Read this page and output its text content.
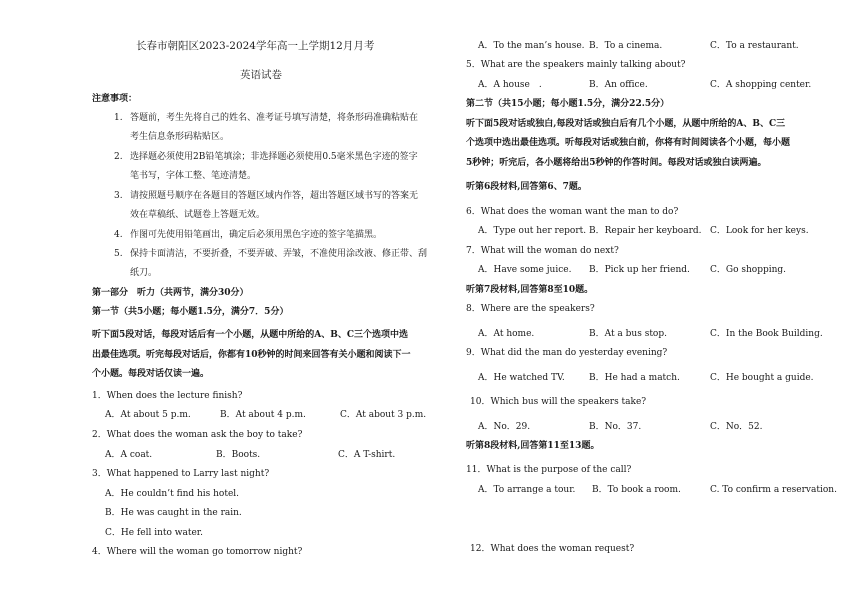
长春市朝阳区2023-2024学年高一上学期12月月考
英语试卷
注意事项：
1. 答题前，考生先将自己的姓名、准考证号填写清楚，将条形码准确粘贴在
考生信息条形码粘贴区。
2. 选择题必须使用2B铅笔填涂；非选择题必须使用0.5毫米黑色字迹的签字
笔书写，字体工整、笔迹清楚。
3. 请按照题号顺序在各题目的答题区域内作答，超出答题区域书写的答案无
效在草稿纸、试题卷上答题无效。
4. 作图可先使用铅笔画出，确定后必须用黑色字迹的签字笔描黑。
5. 保持卡面清洁，不要折叠，不要弄破、弄皱，不准使用涂改液、修正带、刮
纸刀。
第一部分　听力（共两节，满分30分）
第一节（共5小题；每小题1.5分，满分7．5分）
听下面5段对话，每段对话后有一个小题，从题中所给的A、B、C三个选项中选
出最佳选项。听完每段对话后，你都有10秒钟的时间来回答有关小题和阅读下一
个小题。每段对话仅读一遍。
1．When does the lecture finish?
A．At about 5 p.m.	B．At about 4 p.m.	C．At about 3 p.m.
2．What does the woman ask the boy to take?
A．A coat.	B．Boots.	C．A T-shirt.
3．What happened to Larry last night?
A．He couldn’t find his hotel.
B．He was caught in the rain.
C．He fell into water.
4．Where will the woman go tomorrow night?
A．To the man’s house. B．To a cinema.	C．To a restaurant.
5．What are the speakers mainly talking about?
A．A house　.	B．An office.	C．A shopping center.
第二节（共15小题；每小题1.5分，满分22.5分）
听下面5段对话或独白,每段对话或独白后有几个小题，从题中所给的A、B、C三
个选项中选出最佳选项。听每段对话或独白前，你将有时间阅读各个小题，每小题
5秒钟；听完后，各小题将给出5秒钟的作答时间。每段对话或独白读两遍。
听第6段材料,回答第6、7题。
6．What does the woman want the man to do?
A．Type out her report. B．Repair her keyboard. C．Look for her keys.
7．What will the woman do next?
A．Have some juice. B．Pick up her friend. C．Go shopping.
听第7段材料,回答第8至10题。
8．Where are the speakers?
A．At home.	B．At a bus stop.	C．In the Book Building.
9．What did the man do yesterday evening?
A．He watched TV.	B．He had a match.	C．He bought a guide.
10．Which bus will the speakers take?
A．No．29.	B．No．37.	C．No．52.
听第8段材料,回答第11至13题。
11．What is the purpose of the call?
A．To arrange a tour. B．To book a room.	C. To confirm a reservation.
12．What does the woman request?
